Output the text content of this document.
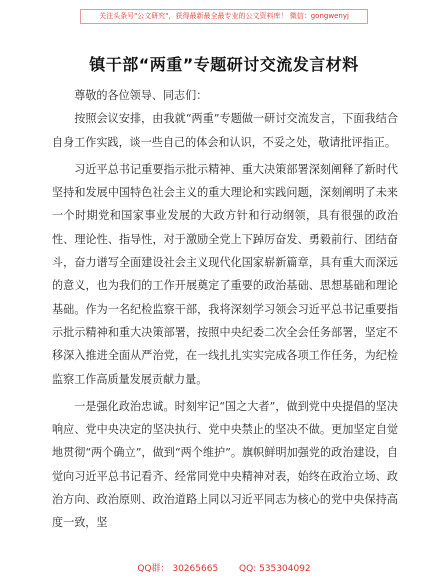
关注头条号"公文研究"，获得最新最全最专业的公文资料库！ 微信：gongwenyj
镇干部“两重”专题研讨交流发言材料

尊敬的各位领导、同志们：

按照会议安排，由我就“两重”专题做一研讨交流发言，下面我结合自身工作实践，谈一些自己的体会和认识，不妥之处，敬请批评指正。

习近平总书记重要指示批示精神、重大决策部署深刻阐释了新时代坚持和发展中国特色社会主义的重大理论和实践问题，深刻阐明了未来一个时期党和国家事业发展的大政方针和行动纲领，具有很强的政治性、理论性、指导性，对于激励全党上下踔厉奋发、勇毅前行、团结奋斗，奋力谱写全面建设社会主义现代化国家崭新篇章，具有重大而深远的意义，也为我们的工作开展奠定了重要的政治基础、思想基础和理论基础。作为一名纪检监察干部，我将深刻学习领会习近平总书记重要指示批示精神和重大决策部署，按照中央纪委二次全会任务部署，坚定不移深入推进全面从严治党，在一线扎扎实实完成各项工作任务，为纪检监察工作高质量发展贡献力量。

一是强化政治忠诚。时刻牢记“国之大者”，做到党中央提倡的坚决响应、党中央决定的坚决执行、党中央禁止的坚决不做。更加坚定自觉地贯彻“两个确立”，做到“两个维护”。旗帜鲜明加强党的政治建设，自觉向习近平总书记看齐、经常同党中央精神对表，始终在政治立场、政治方向、政治原则、政治道路上同以习近平同志为核心的党中央保持高度一致，坚

QQ群： 30265665 QQ: 535304092
